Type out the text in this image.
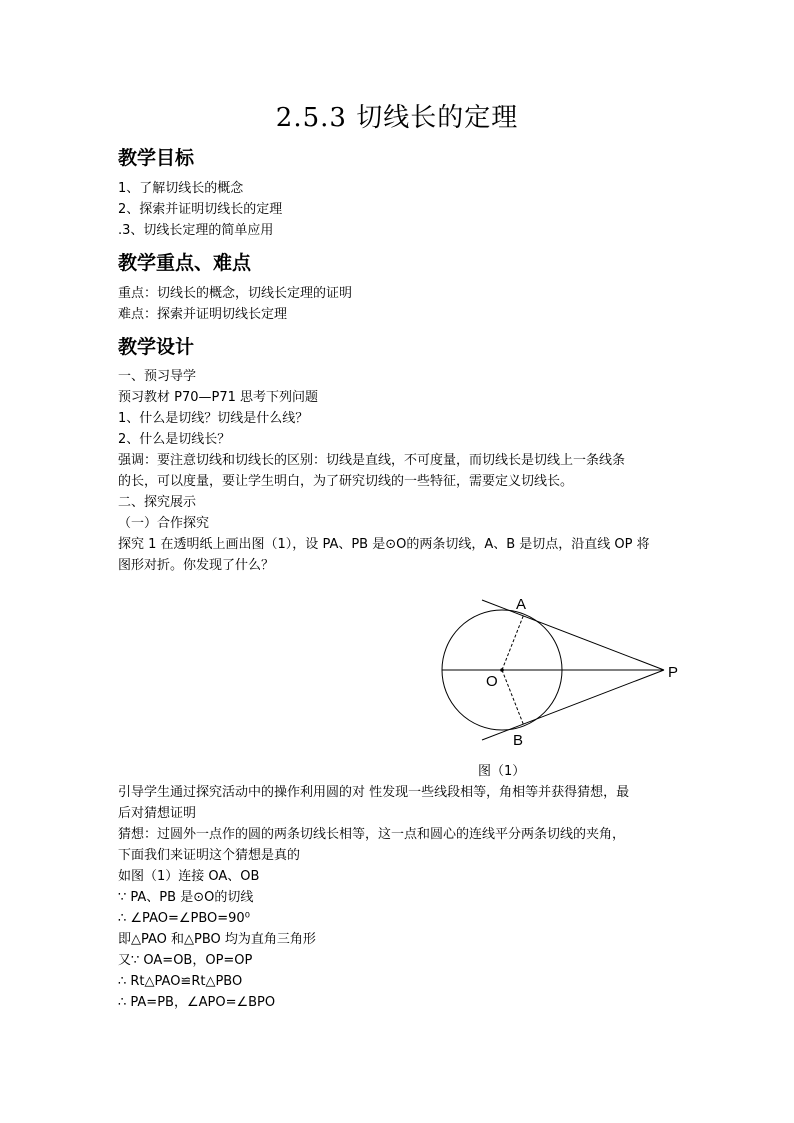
2.5.3 切线长的定理
教学目标
1、了解切线长的概念
2、探索并证明切线长的定理
.3、切线长定理的简单应用
教学重点、难点
重点：切线长的概念，切线长定理的证明
难点：探索并证明切线长定理
教学设计
一、预习导学
预习教材 P70—P71 思考下列问题
1、什么是切线？切线是什么线？
2、什么是切线长？
强调：要注意切线和切线长的区别：切线是直线，不可度量，而切线长是切线上一条线条
的长，可以度量，要让学生明白，为了研究切线的一些特征，需要定义切线长。
二、探究展示
（一）合作探究
探究 1 在透明纸上画出图（1），设 PA、PB 是⊙O的两条切线，A、B 是切点，沿直线 OP 将
图形对折。你发现了什么？
A
B
O
P
图（1）
引导学生通过探究活动中的操作利用圆的对 性发现一些线段相等，角相等并获得猜想，最
后对猜想证明
猜想：过圆外一点作的圆的两条切线长相等，这一点和圆心的连线平分两条切线的夹角，
下面我们来证明这个猜想是真的
如图（1）连接 OA、OB
∵ PA、PB 是⊙O的切线
∴ ∠PAO=∠PBO=90⁰
即△PAO 和△PBO 均为直角三角形
又∵ OA=OB，OP=OP
∴ Rt△PAO≌Rt△PBO
∴ PA=PB，∠APO=∠BPO
